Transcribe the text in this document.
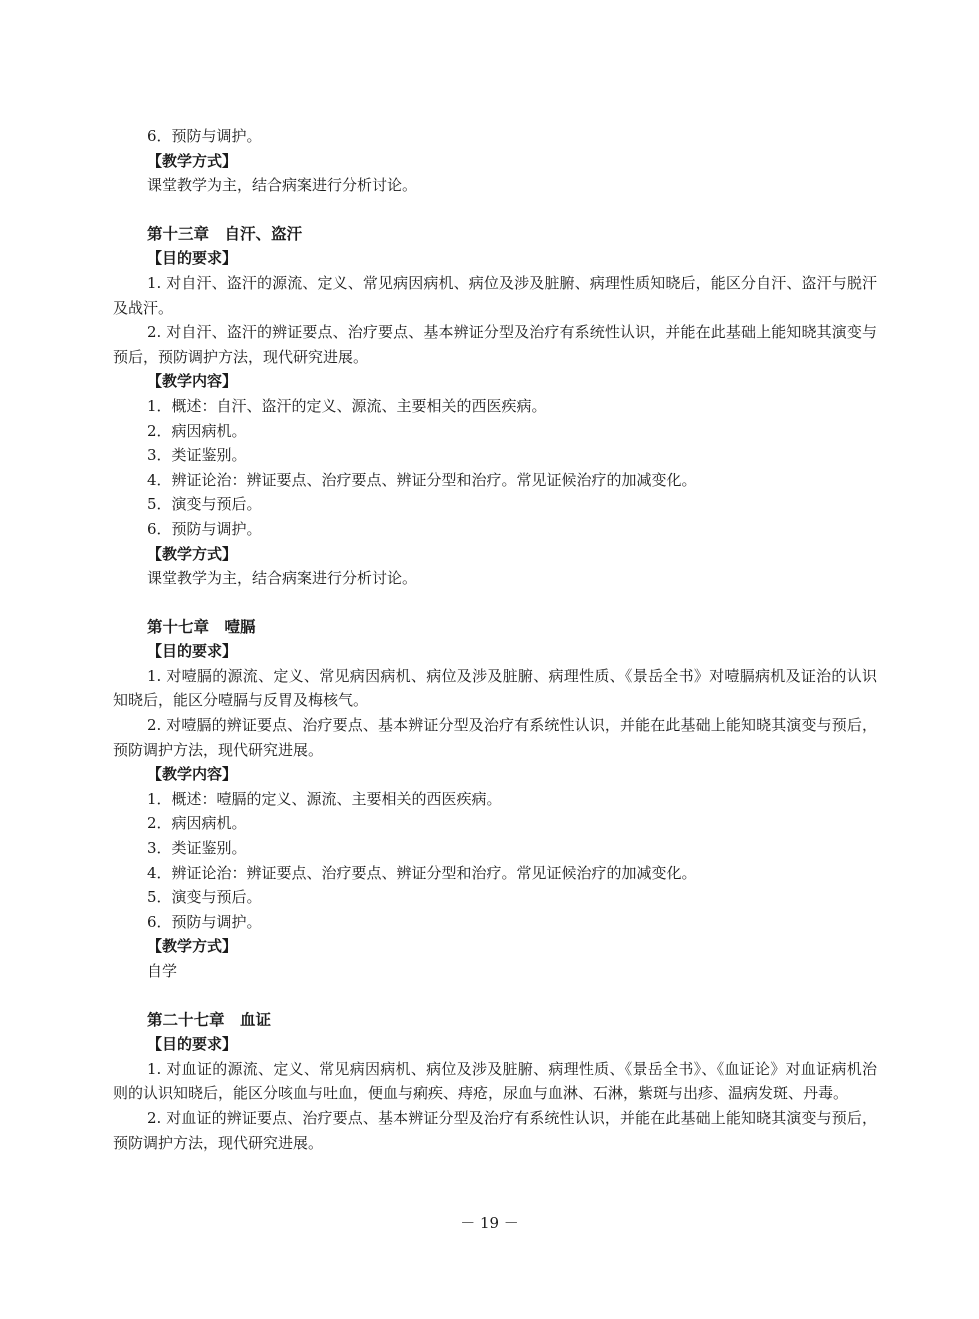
6．预防与调护。

【教学方式】

课堂教学为主，结合病案进行分析讨论。

第十三章　自汗、盗汗

【目的要求】

1. 对自汗、盗汗的源流、定义、常见病因病机、病位及涉及脏腑、病理性质知晓后，能区分自汗、盗汗与脱汗及战汗。

2. 对自汗、盗汗的辨证要点、治疗要点、基本辨证分型及治疗有系统性认识，并能在此基础上能知晓其演变与预后，预防调护方法，现代研究进展。

【教学内容】

1．概述：自汗、盗汗的定义、源流、主要相关的西医疾病。

2．病因病机。

3．类证鉴别。

4．辨证论治：辨证要点、治疗要点、辨证分型和治疗。常见证候治疗的加减变化。

5．演变与预后。

6．预防与调护。

【教学方式】

课堂教学为主，结合病案进行分析讨论。

第十七章　噎膈

【目的要求】

1. 对噎膈的源流、定义、常见病因病机、病位及涉及脏腑、病理性质、《景岳全书》对噎膈病机及证治的认识知晓后，能区分噎膈与反胃及梅核气。

2. 对噎膈的辨证要点、治疗要点、基本辨证分型及治疗有系统性认识，并能在此基础上能知晓其演变与预后，预防调护方法，现代研究进展。

【教学内容】

1．概述：噎膈的定义、源流、主要相关的西医疾病。

2．病因病机。

3．类证鉴别。

4．辨证论治：辨证要点、治疗要点、辨证分型和治疗。常见证候治疗的加减变化。

5．演变与预后。

6．预防与调护。

【教学方式】

自学

第二十七章　血证

【目的要求】

1. 对血证的源流、定义、常见病因病机、病位及涉及脏腑、病理性质、《景岳全书》、《血证论》对血证病机治则的认识知晓后，能区分咳血与吐血，便血与痢疾、痔疮，尿血与血淋、石淋，紫斑与出疹、温病发斑、丹毒。

2. 对血证的辨证要点、治疗要点、基本辨证分型及治疗有系统性认识，并能在此基础上能知晓其演变与预后，预防调护方法，现代研究进展。

－ 19 －
